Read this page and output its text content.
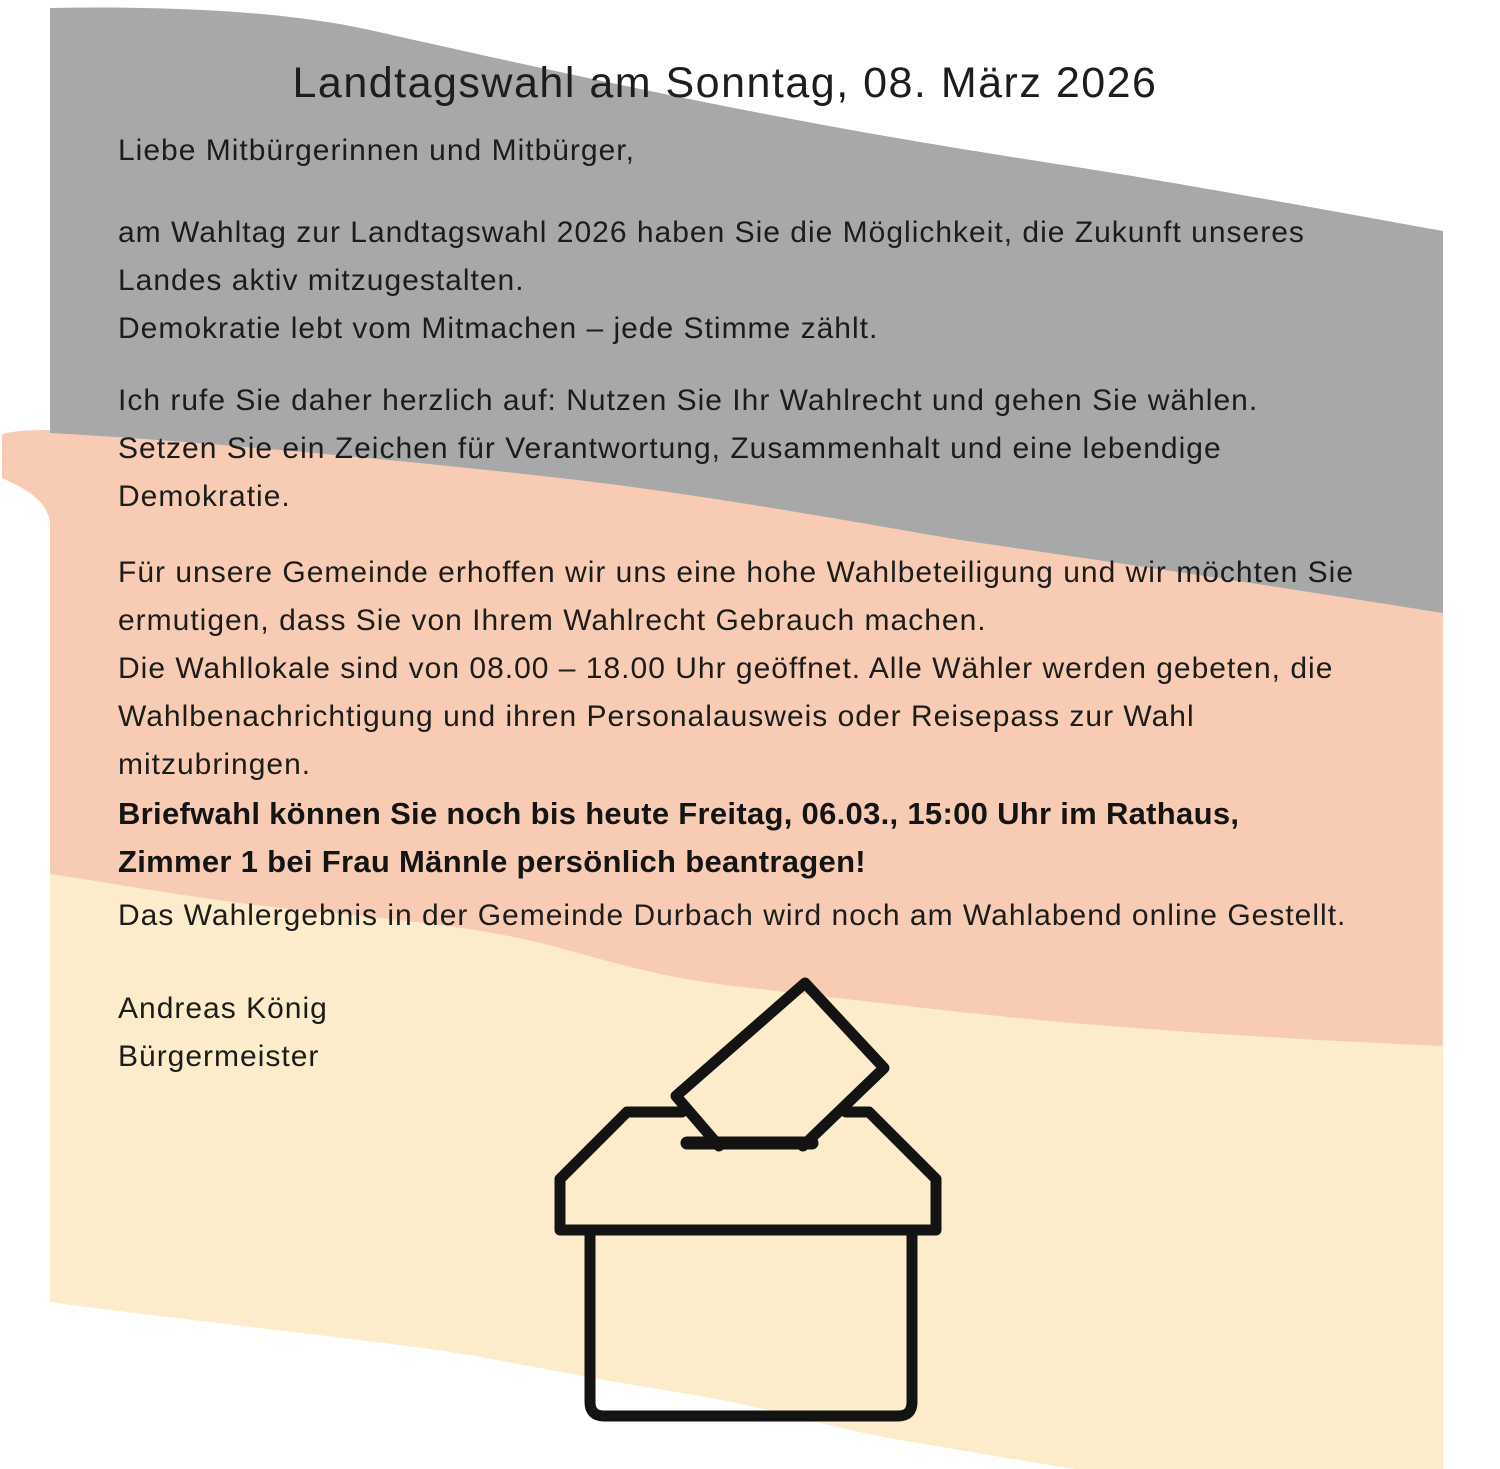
Landtagswahl am Sonntag, 08. März 2026
Liebe Mitbürgerinnen und Mitbürger,
am Wahltag zur Landtagswahl 2026 haben Sie die Möglichkeit, die Zukunft unseres
Landes aktiv mitzugestalten.
Demokratie lebt vom Mitmachen – jede Stimme zählt.
Ich rufe Sie daher herzlich auf: Nutzen Sie Ihr Wahlrecht und gehen Sie wählen.
Setzen Sie ein Zeichen für Verantwortung, Zusammenhalt und eine lebendige
Demokratie.
Für unsere Gemeinde erhoffen wir uns eine hohe Wahlbeteiligung und wir möchten Sie
ermutigen, dass Sie von Ihrem Wahlrecht Gebrauch machen.
Die Wahllokale sind von 08.00 – 18.00 Uhr geöffnet. Alle Wähler werden gebeten, die
Wahlbenachrichtigung und ihren Personalausweis oder Reisepass zur Wahl
mitzubringen.
Briefwahl können Sie noch bis heute Freitag, 06.03., 15:00 Uhr im Rathaus,
Zimmer 1 bei Frau Männle persönlich beantragen!
Das Wahlergebnis in der Gemeinde Durbach wird noch am Wahlabend online Gestellt.
Andreas König
Bürgermeister
